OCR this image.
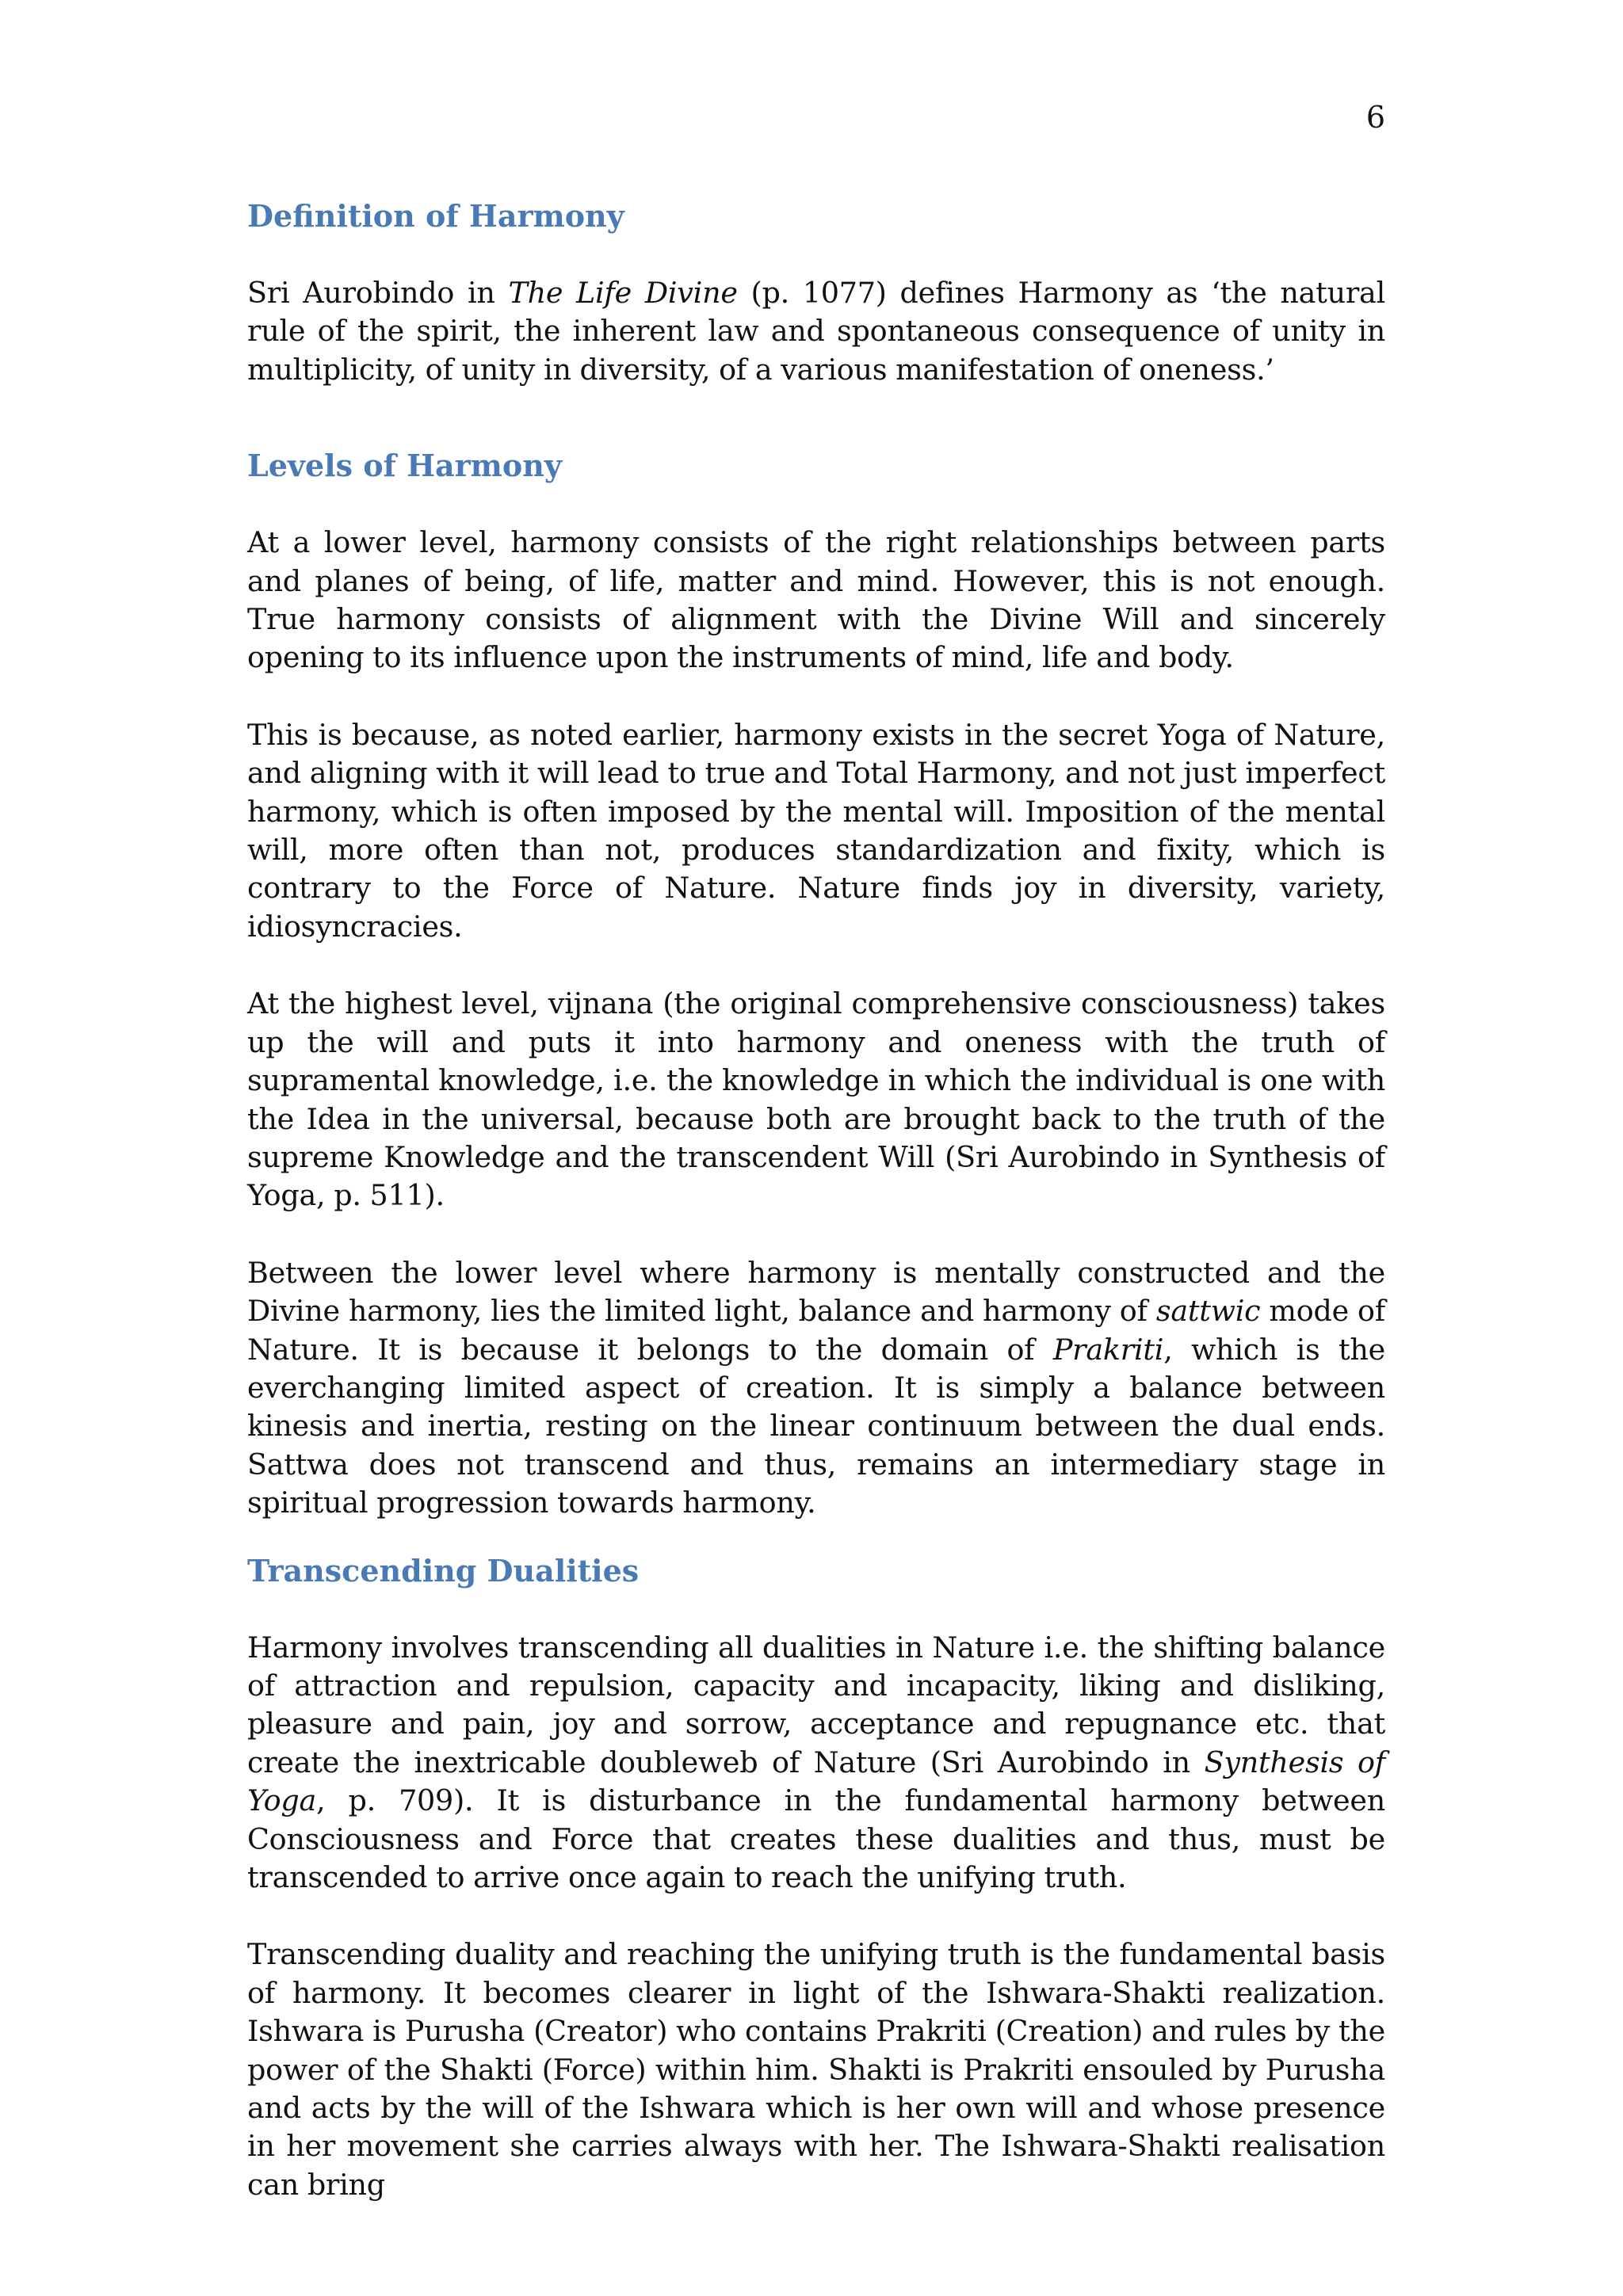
6
Definition of Harmony

Sri Aurobindo in The Life Divine (p. 1077) defines Harmony as ‘the natural rule of the spirit, the inherent law and spontaneous consequence of unity in multiplicity, of unity in diversity, of a various manifestation of oneness.’

Levels of Harmony

At a lower level, harmony consists of the right relationships between parts and planes of being, of life, matter and mind. However, this is not enough. True harmony consists of alignment with the Divine Will and sincerely opening to its influence upon the instruments of mind, life and body.

This is because, as noted earlier, harmony exists in the secret Yoga of Nature, and aligning with it will lead to true and Total Harmony, and not just imperfect harmony, which is often imposed by the mental will. Imposition of the mental will, more often than not, produces standardization and fixity, which is contrary to the Force of Nature. Nature finds joy in diversity, variety, idiosyncracies.

At the highest level, vijnana (the original comprehensive consciousness) takes up the will and puts it into harmony and oneness with the truth of supramental knowledge, i.e. the knowledge in which the individual is one with the Idea in the universal, because both are brought back to the truth of the supreme Knowledge and the transcendent Will (Sri Aurobindo in Synthesis of Yoga, p. 511).

Between the lower level where harmony is mentally constructed and the Divine harmony, lies the limited light, balance and harmony of sattwic mode of Nature. It is because it belongs to the domain of Prakriti, which is the everchanging limited aspect of creation. It is simply a balance between kinesis and inertia, resting on the linear continuum between the dual ends. Sattwa does not transcend and thus, remains an intermediary stage in spiritual progression towards harmony.

Transcending Dualities

Harmony involves transcending all dualities in Nature i.e. the shifting balance of attraction and repulsion, capacity and incapacity, liking and disliking, pleasure and pain, joy and sorrow, acceptance and repugnance etc. that create the inextricable doubleweb of Nature (Sri Aurobindo in Synthesis of Yoga, p. 709). It is disturbance in the fundamental harmony between Consciousness and Force that creates these dualities and thus, must be transcended to arrive once again to reach the unifying truth.

Transcending duality and reaching the unifying truth is the fundamental basis of harmony. It becomes clearer in light of the Ishwara-Shakti realization. Ishwara is Purusha (Creator) who contains Prakriti (Creation) and rules by the power of the Shakti (Force) within him. Shakti is Prakriti ensouled by Purusha and acts by the will of the Ishwara which is her own will and whose presence in her movement she carries always with her. The Ishwara-Shakti realisation can bring
